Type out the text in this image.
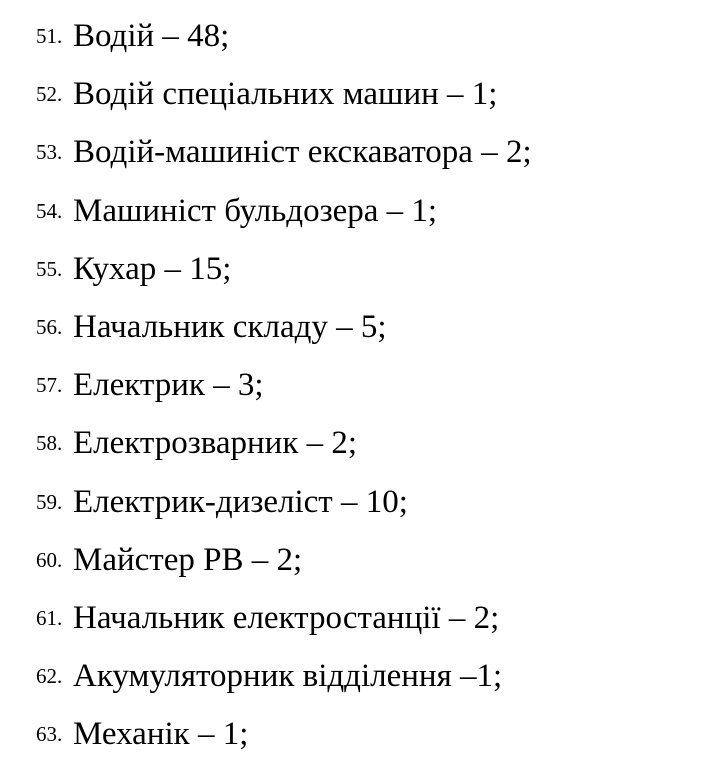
51. Водій – 48;
52. Водій спеціальних машин – 1;
53. Водій-машиніст екскаватора – 2;
54. Машиніст бульдозера – 1;
55. Кухар – 15;
56. Начальник складу – 5;
57. Електрик – 3;
58. Електрозварник – 2;
59. Електрик-дизеліст – 10;
60. Майстер РВ – 2;
61. Начальник електростанції – 2;
62. Акумуляторник відділення –1;
63. Механік – 1;
